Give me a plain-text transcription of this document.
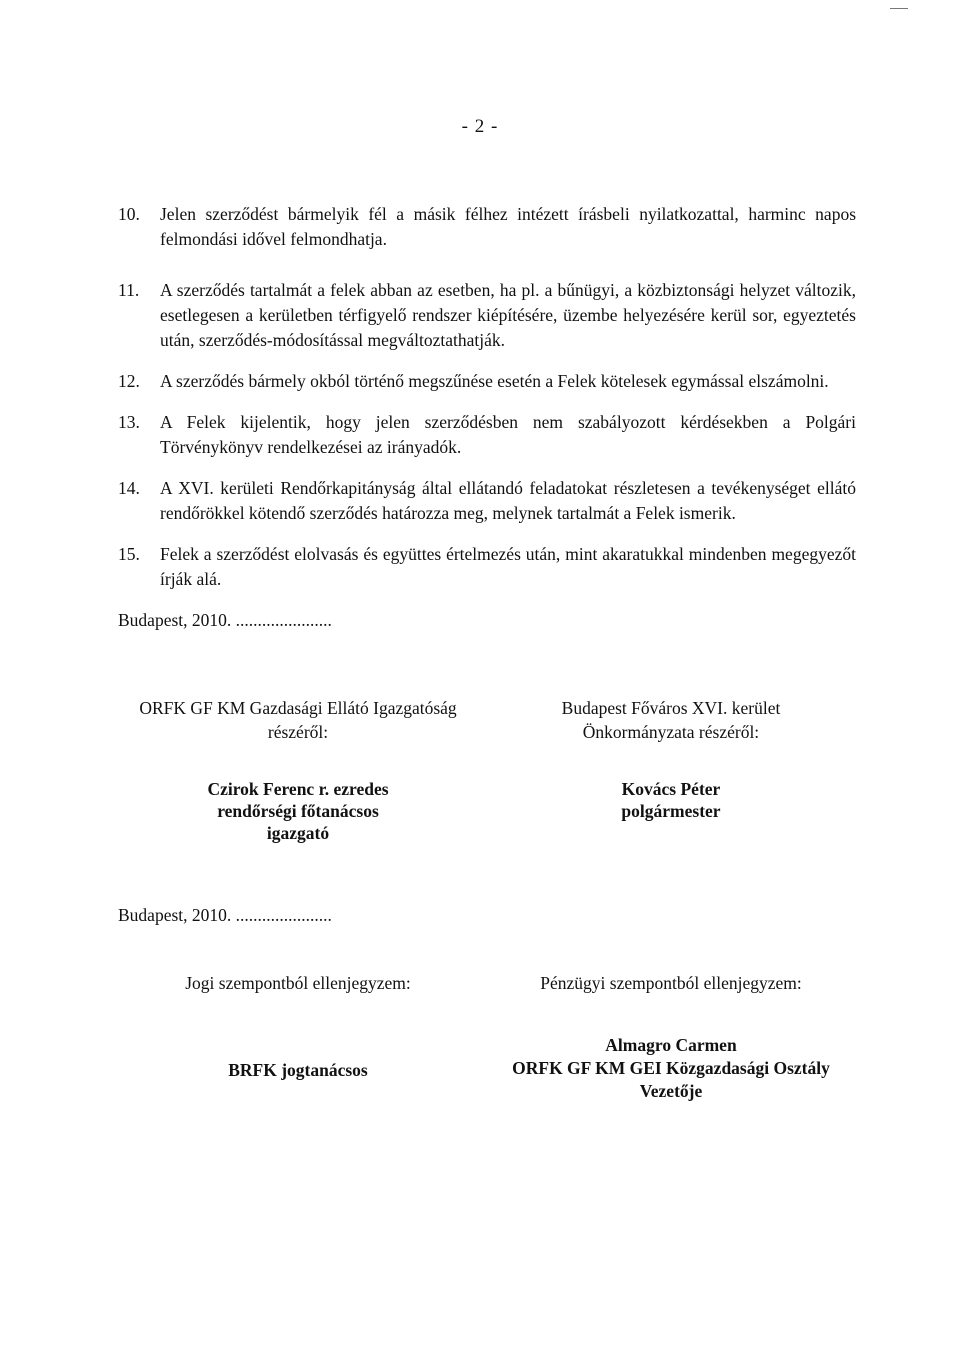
- 2 -
10. Jelen szerződést bármelyik fél a másik félhez intézett írásbeli nyilatkozattal, harminc napos felmondási idővel felmondhatja.
11. A szerződés tartalmát a felek abban az esetben, ha pl. a bűnügyi, a közbiztonsági helyzet változik, esetlegesen a kerületben térfigyelő rendszer kiépítésére, üzembe helyezésére kerül sor, egyeztetés után, szerződés-módosítással megváltoztathatják.
12. A szerződés bármely okból történő megszűnése esetén a Felek kötelesek egymással elszámolni.
13. A Felek kijelentik, hogy jelen szerződésben nem szabályozott kérdésekben a Polgári Törvénykönyv rendelkezései az irányadók.
14. A XVI. kerületi Rendőrkapitányság által ellátandó feladatokat részletesen a tevékenységet ellátó rendőrökkel kötendő szerződés határozza meg, melynek tartalmát a Felek ismerik.
15. Felek a szerződést elolvasás és együttes értelmezés után, mint akaratukkal mindenben megegyezőt írják alá.
Budapest, 2010. ......................
ORFK GF KM Gazdasági Ellátó Igazgatóság
részéről:
Budapest Főváros XVI. kerület
Önkormányzata részéről:
Czirok Ferenc r. ezredes
rendőrségi főtanácsos
igazgató
Kovács Péter
polgármester
Budapest, 2010. ......................
Jogi szempontból ellenjegyzem:	Pénzügyi szempontból ellenjegyzem:
BRFK jogtanácsos
Almagro Carmen
ORFK GF KM GEI Közgazdasági Osztály
Vezetője
